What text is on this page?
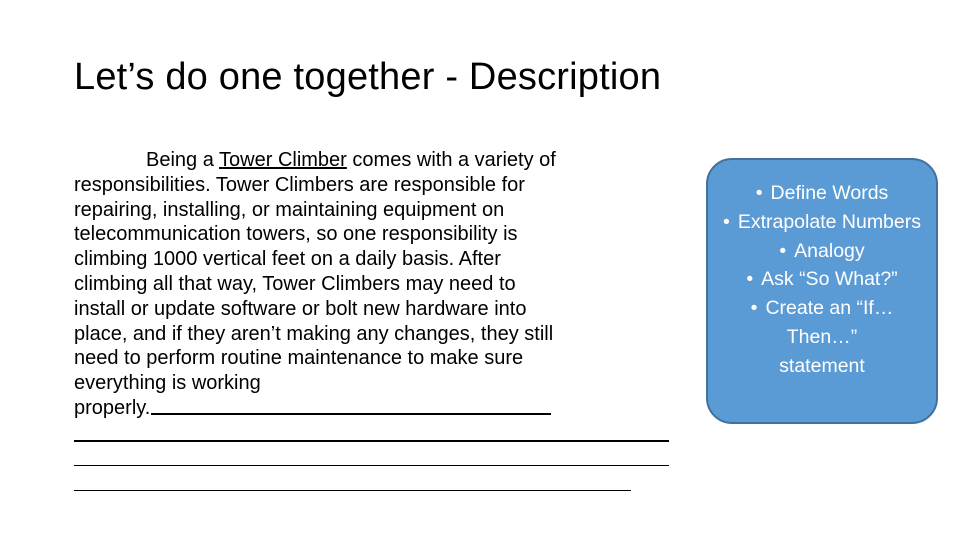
Let’s do one together - Description
Being a Tower Climber comes with a variety of
responsibilities. Tower Climbers are responsible for
repairing, installing, or maintaining equipment on
telecommunication towers, so one responsibility is
climbing 1000 vertical feet on a daily basis. After
climbing all that way, Tower Climbers may need to
install or update software or bolt new hardware into
place, and if they aren’t making any changes, they still
need to perform routine maintenance to make sure
everything is working
properly.
• Define Words
• Extrapolate Numbers
• Analogy
• Ask “So What?”
• Create an “If…Then…” statement
